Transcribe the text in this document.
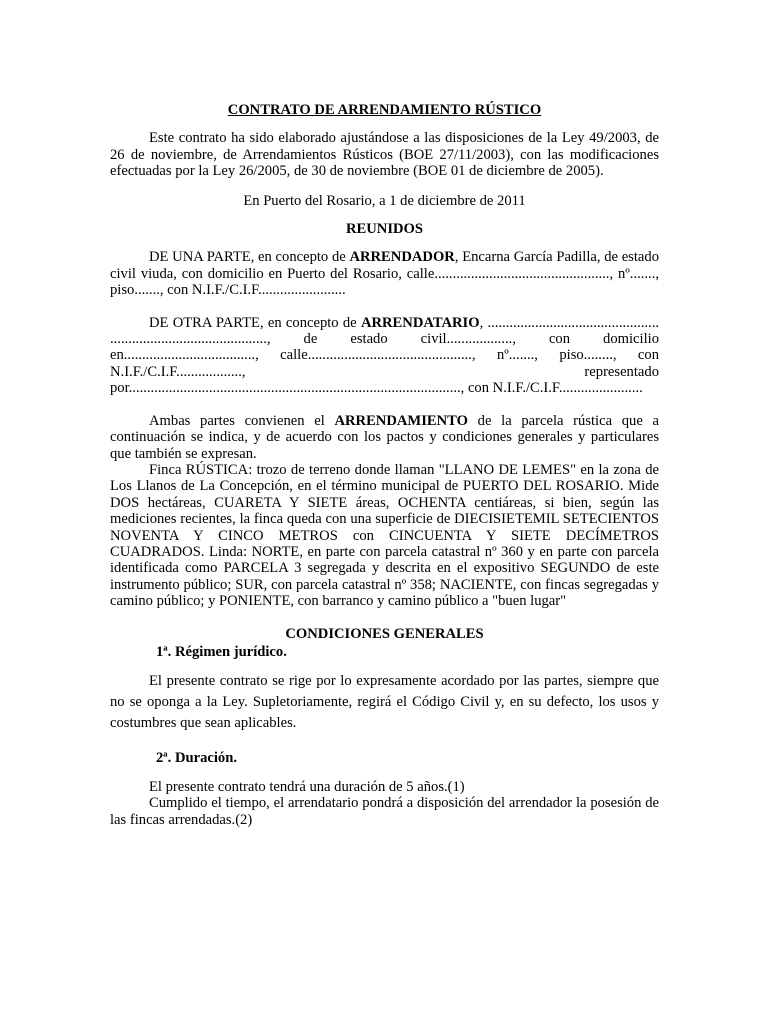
CONTRATO DE ARRENDAMIENTO RÚSTICO

Este contrato ha sido elaborado ajustándose a las disposiciones de la Ley 49/2003, de 26 de noviembre, de Arrendamientos Rústicos (BOE 27/11/2003), con las modificaciones efectuadas por la Ley 26/2005, de 30 de noviembre (BOE 01 de diciembre de 2005).

En Puerto del Rosario, a 1 de diciembre de 2011
REUNIDOS

DE UNA PARTE, en concepto de ARRENDADOR, Encarna García Padilla, de estado civil viuda, con domicilio en Puerto del Rosario, calle................................................, nº......., piso......., con N.I.F./C.I.F........................

DE OTRA PARTE, en concepto de ARRENDATARIO, ............................................... ..........................................., de estado civil.................., con domicilio en...................................., calle............................................., nº......., piso........, con N.I.F./C.I.F.................., representado por..........................................................................................., con N.I.F./C.I.F.......................

Ambas partes convienen el ARRENDAMIENTO de la parcela rústica que a continuación se indica, y de acuerdo con los pactos y condiciones generales y particulares que también se expresan.

Finca RÚSTICA: trozo de terreno donde llaman "LLANO DE LEMES" en la zona de Los Llanos de La Concepción, en el término municipal de PUERTO DEL ROSARIO. Mide DOS hectáreas, CUARETA Y SIETE áreas, OCHENTA centiáreas, si bien, según las mediciones recientes, la finca queda con una superficie de DIECISIETEMIL SETECIENTOS NOVENTA Y CINCO METROS con CINCUENTA Y SIETE DECÍMETROS CUADRADOS. Linda: NORTE, en parte con parcela catastral nº 360 y en parte con parcela identificada como PARCELA 3 segregada y descrita en el expositivo SEGUNDO de este instrumento público; SUR, con parcela catastral nº 358; NACIENTE, con fincas segregadas y camino público; y PONIENTE, con barranco y camino público a "buen lugar"

CONDICIONES GENERALES
1ª. Régimen jurídico.

El presente contrato se rige por lo expresamente acordado por las partes, siempre que no se oponga a la Ley. Supletoriamente, regirá el Código Civil y, en su defecto, los usos y costumbres que sean aplicables.

2ª. Duración.

El presente contrato tendrá una duración de 5 años.(1)

Cumplido el tiempo, el arrendatario pondrá a disposición del arrendador la posesión de las fincas arrendadas.(2)
